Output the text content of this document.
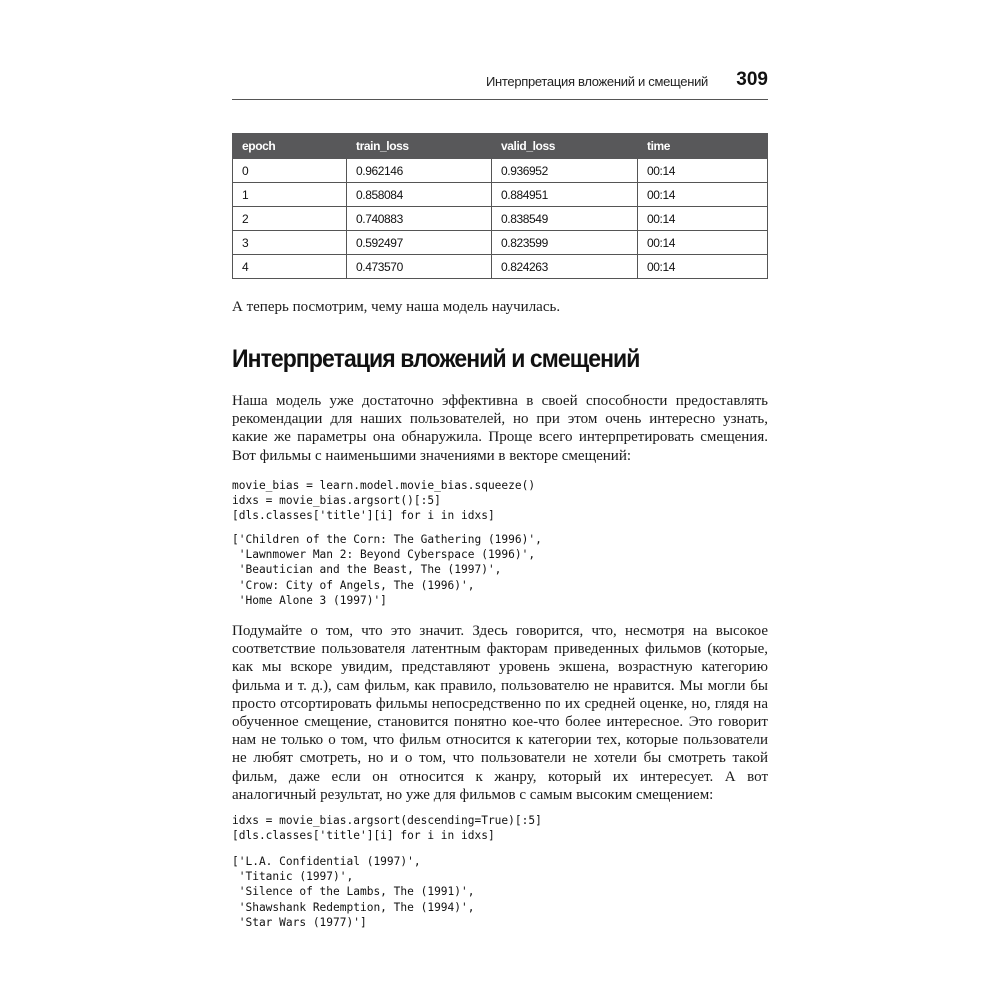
Интерпретация вложений и смещений 309
epoch	train_loss	valid_loss	time
0	0.962146	0.936952	00:14
1	0.858084	0.884951	00:14
2	0.740883	0.838549	00:14
3	0.592497	0.823599	00:14
4	0.473570	0.824263	00:14

А теперь посмотрим, чему наша модель научилась.

Интерпретация вложений и смещений

Наша модель уже достаточно эффективна в своей способности предоставлять рекомендации для наших пользователей, но при этом очень интересно узнать, какие же параметры она обнаружила. Проще всего интерпретировать смещения. Вот фильмы с наименьшими значениями в векторе смещений:

movie_bias = learn.model.movie_bias.squeeze()
idxs = movie_bias.argsort()[:5]
[dls.classes['title'][i] for i in idxs]
['Children of the Corn: The Gathering (1996)',
'Lawnmower Man 2: Beyond Cyberspace (1996)',
'Beautician and the Beast, The (1997)',
'Crow: City of Angels, The (1996)',
'Home Alone 3 (1997)']

Подумайте о том, что это значит. Здесь говорится, что, несмотря на высокое соответствие пользователя латентным факторам приведенных фильмов (которые, как мы вскоре увидим, представляют уровень экшена, возрастную категорию фильма и т. д.), сам фильм, как правило, пользователю не нравится. Мы могли бы просто отсортировать фильмы непосредственно по их средней оценке, но, глядя на обученное смещение, становится понятно кое-что более интересное. Это говорит нам не только о том, что фильм относится к категории тех, которые пользователи не любят смотреть, но и о том, что пользователи не хотели бы смотреть такой фильм, даже если он относится к жанру, который их интересует. А вот аналогичный результат, но уже для фильмов с самым высоким смещением:

idxs = movie_bias.argsort(descending=True)[:5]
[dls.classes['title'][i] for i in idxs]
['L.A. Confidential (1997)',
'Titanic (1997)',
'Silence of the Lambs, The (1991)',
'Shawshank Redemption, The (1994)',
'Star Wars (1977)']
